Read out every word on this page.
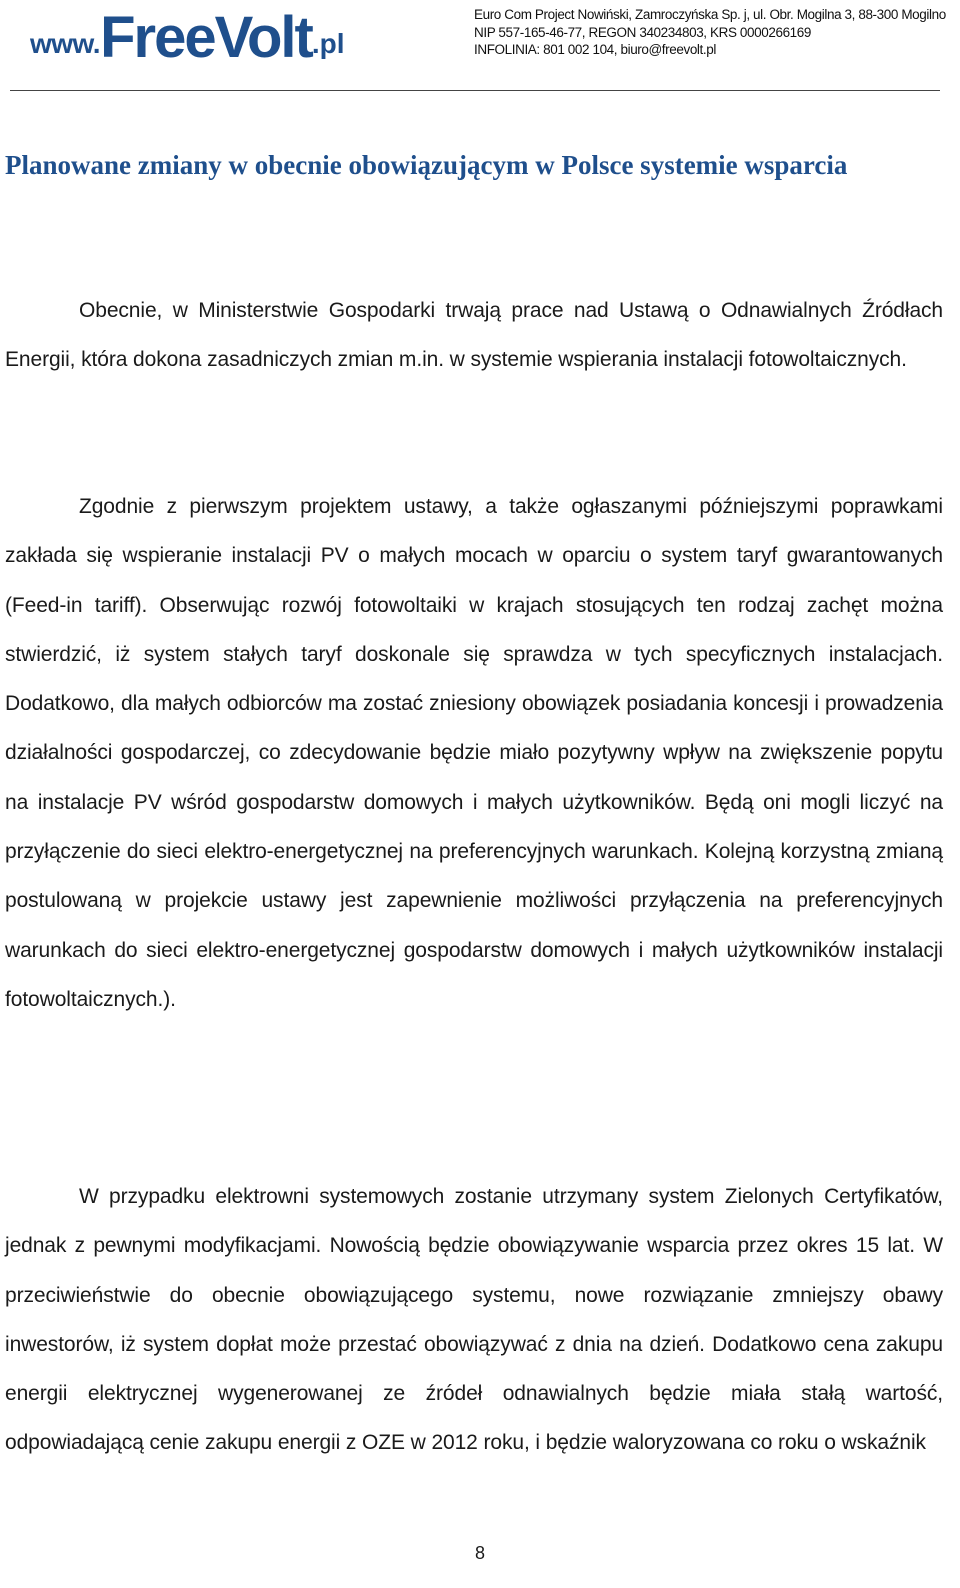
www.FreeVolt.pl
Euro Com Project Nowiński, Zamroczyńska Sp. j, ul. Obr. Mogilna 3, 88-300 Mogilno
NIP 557-165-46-77, REGON 340234803, KRS 0000266169
INFOLINIA: 801 002 104, biuro@freevolt.pl
Planowane zmiany w obecnie obowiązującym w Polsce systemie wsparcia

Obecnie, w Ministerstwie Gospodarki trwają prace nad Ustawą o Odnawialnych Źródłach Energii, która dokona zasadniczych zmian m.in. w systemie wspierania instalacji fotowoltaicznych.

Zgodnie z pierwszym projektem ustawy, a także ogłaszanymi późniejszymi poprawkami zakłada się wspieranie instalacji PV o małych mocach w oparciu o system taryf gwarantowanych (Feed-in tariff). Obserwując rozwój fotowoltaiki w krajach stosujących ten rodzaj zachęt można stwierdzić, iż system stałych taryf doskonale się sprawdza w tych specyficznych instalacjach. Dodatkowo, dla małych odbiorców ma zostać zniesiony obowiązek posiadania koncesji i prowadzenia działalności gospodarczej, co zdecydowanie będzie miało pozytywny wpływ na zwiększenie popytu na instalacje PV wśród gospodarstw domowych i małych użytkowników. Będą oni mogli liczyć na przyłączenie do sieci elektro-energetycznej na preferencyjnych warunkach. Kolejną korzystną zmianą postulowaną w projekcie ustawy jest zapewnienie możliwości przyłączenia na preferencyjnych warunkach do sieci elektro-energetycznej gospodarstw domowych i małych użytkowników instalacji fotowoltaicznych.).

W przypadku elektrowni systemowych zostanie utrzymany system Zielonych Certyfikatów, jednak z pewnymi modyfikacjami. Nowością będzie obowiązywanie wsparcia przez okres 15 lat. W przeciwieństwie do obecnie obowiązującego systemu, nowe rozwiązanie zmniejszy obawy inwestorów, iż system dopłat może przestać obowiązywać z dnia na dzień. Dodatkowo cena zakupu energii elektrycznej wygenerowanej ze źródeł odnawialnych będzie miała stałą wartość, odpowiadającą cenie zakupu energii z OZE w 2012 roku, i będzie waloryzowana co roku o wskaźnik

8
